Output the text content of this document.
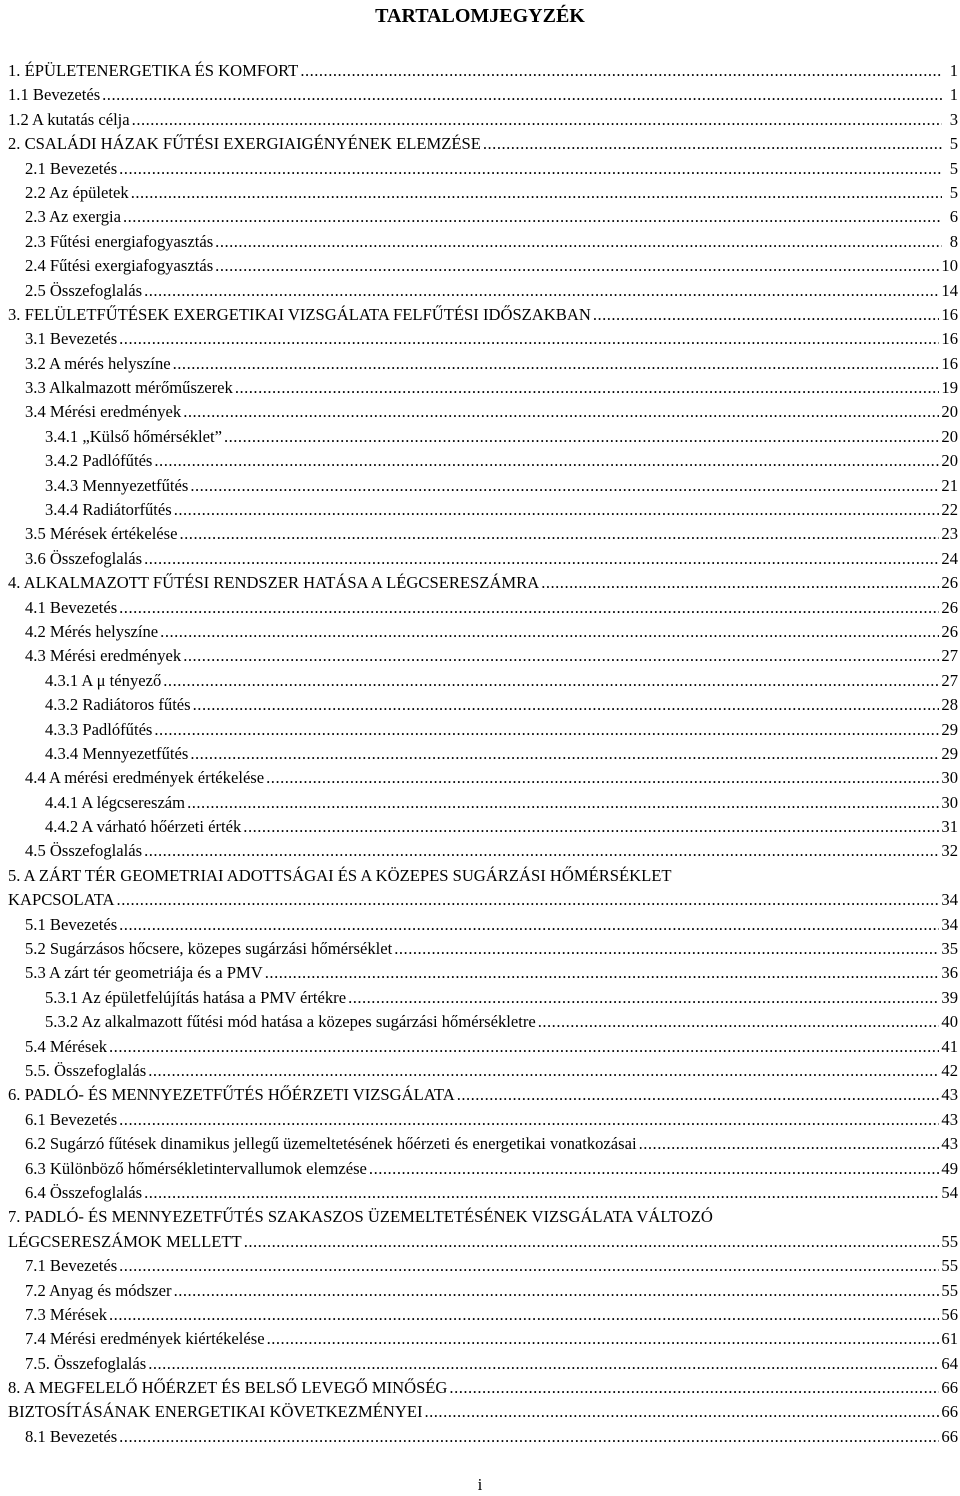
TARTALOMJEGYZÉK
1. ÉPÜLETENERGETIKA ÉS KOMFORT .....	1
1.1 Bevezetés .....	1
1.2 A kutatás célja .....	3
2. CSALÁDI HÁZAK FŰTÉSI EXERGIAIGÉNYÉNEK ELEMZÉSE .....	5
2.1 Bevezetés .....	5
2.2 Az épületek .....	5
2.3 Az exergia .....	6
2.3 Fűtési energiafogyasztás .....	8
2.4 Fűtési exergiafogyasztás .....	10
2.5 Összefoglalás .....	14
3. FELÜLETFŰTÉSEK EXERGETIKAI VIZSGÁLATA FELFŰTÉSI IDŐSZAKBAN .....	16
3.1 Bevezetés .....	16
3.2 A mérés helyszíne .....	16
3.3 Alkalmazott mérőműszerek .....	19
3.4 Mérési eredmények .....	20
3.4.1 „Külső hőmérséklet” .....	20
3.4.2 Padlófűtés .....	20
3.4.3 Mennyezetfűtés .....	21
3.4.4 Radiátorfűtés .....	22
3.5 Mérések értékelése .....	23
3.6 Összefoglalás .....	24
4. ALKALMAZOTT FŰTÉSI RENDSZER HATÁSA A LÉGCSERESZÁMRA .....	26
4.1 Bevezetés .....	26
4.2 Mérés helyszíne .....	26
4.3 Mérési eredmények .....	27
4.3.1 A μ tényező .....	27
4.3.2 Radiátoros fűtés .....	28
4.3.3 Padlófűtés .....	29
4.3.4 Mennyezetfűtés .....	29
4.4 A mérési eredmények értékelése .....	30
4.4.1 A légcsereszám .....	30
4.4.2 A várható hőérzeti érték .....	31
4.5 Összefoglalás .....	32
5. A ZÁRT TÉR GEOMETRIAI ADOTTSÁGAI ÉS A KÖZEPES SUGÁRZÁSI HŐMÉRSÉKLET
KAPCSOLATA .....	34
5.1 Bevezetés .....	34
5.2 Sugárzásos hőcsere, közepes sugárzási hőmérséklet .....	35
5.3 A zárt tér geometriája és a PMV .....	36
5.3.1 Az épületfelújítás hatása a PMV értékre .....	39
5.3.2 Az alkalmazott fűtési mód hatása a közepes sugárzási hőmérsékletre .....	40
5.4 Mérések .....	41
5.5. Összefoglalás .....	42
6. PADLÓ- ÉS MENNYEZETFŰTÉS HŐÉRZETI VIZSGÁLATA .....	43
6.1 Bevezetés .....	43
6.2 Sugárzó fűtések dinamikus jellegű üzemeltetésének hőérzeti és energetikai vonatkozásai .....	43
6.3 Különböző hőmérsékletintervallumok elemzése .....	49
6.4 Összefoglalás .....	54
7. PADLÓ- ÉS MENNYEZETFŰTÉS SZAKASZOS ÜZEMELTETÉSÉNEK VIZSGÁLATA VÁLTOZÓ
LÉGCSERESZÁMOK MELLETT .....	55
7.1 Bevezetés .....	55
7.2 Anyag és módszer .....	55
7.3 Mérések .....	56
7.4 Mérési eredmények kiértékelése .....	61
7.5. Összefoglalás .....	64
8. A MEGFELELŐ HŐÉRZET ÉS BELSŐ LEVEGŐ MINŐSÉG .....	66
BIZTOSÍTÁSÁNAK ENERGETIKAI KÖVETKEZMÉNYEI .....	66
8.1 Bevezetés .....	66
i
